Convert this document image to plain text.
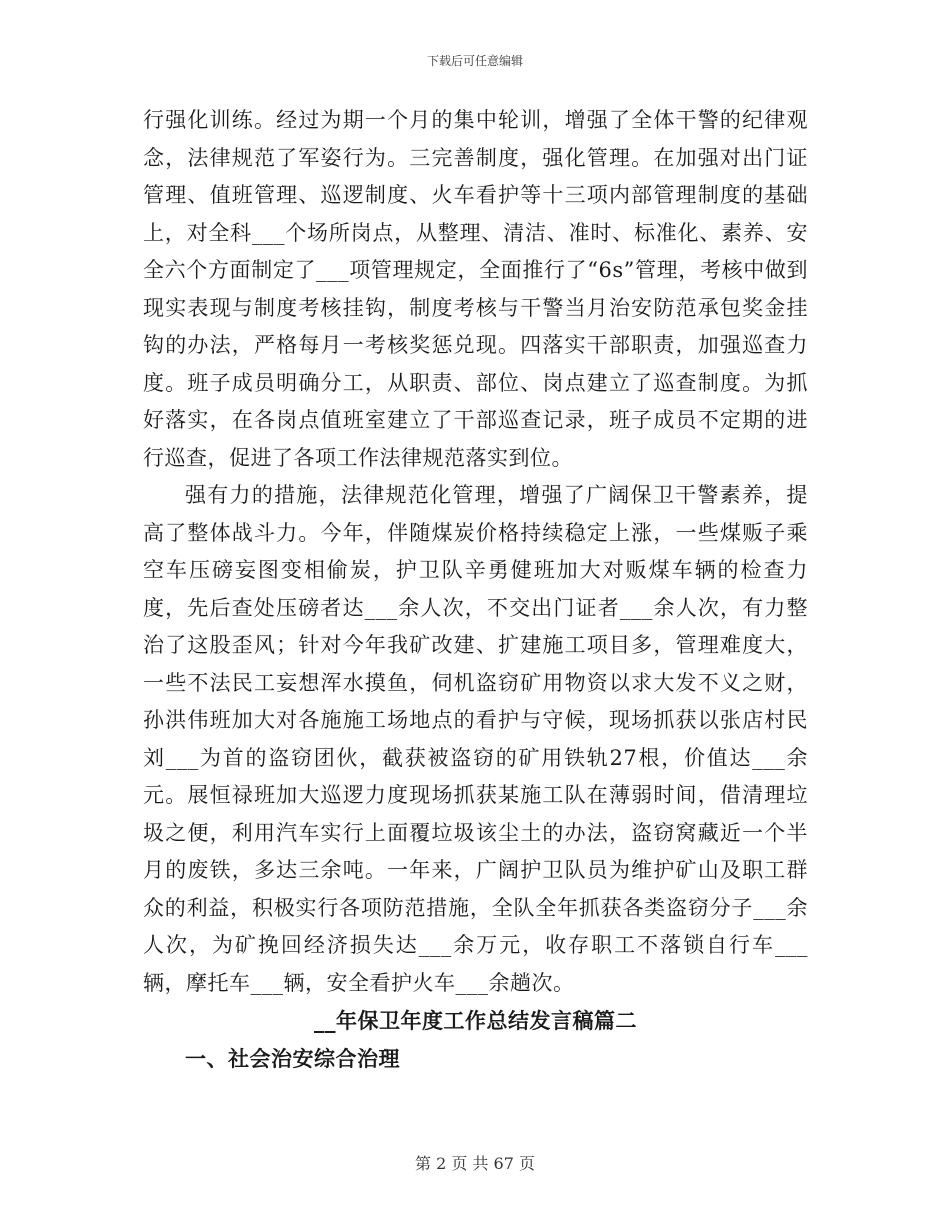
下载后可任意编辑

行强化训练。经过为期一个月的集中轮训，增强了全体干警的纪律观念，法律规范了军姿行为。三完善制度，强化管理。在加强对出门证管理、值班管理、巡逻制度、火车看护等十三项内部管理制度的基础上，对全科___个场所岗点，从整理、清洁、准时、标准化、素养、安全六个方面制定了___项管理规定，全面推行了“6s”管理，考核中做到现实表现与制度考核挂钩，制度考核与干警当月治安防范承包奖金挂钩的办法，严格每月一考核奖惩兑现。四落实干部职责，加强巡查力度。班子成员明确分工，从职责、部位、岗点建立了巡查制度。为抓好落实，在各岗点值班室建立了干部巡查记录，班子成员不定期的进行巡查，促进了各项工作法律规范落实到位。

强有力的措施，法律规范化管理，增强了广阔保卫干警素养，提高了整体战斗力。今年，伴随煤炭价格持续稳定上涨，一些煤贩子乘空车压磅妄图变相偷炭，护卫队辛勇健班加大对贩煤车辆的检查力度，先后查处压磅者达___余人次，不交出门证者___余人次，有力整治了这股歪风；针对今年我矿改建、扩建施工项目多，管理难度大，一些不法民工妄想浑水摸鱼，伺机盗窃矿用物资以求大发不义之财，孙洪伟班加大对各施施工场地点的看护与守候，现场抓获以张店村民刘___为首的盗窃团伙，截获被盗窃的矿用铁轨27根，价值达___余元。展恒禄班加大巡逻力度现场抓获某施工队在薄弱时间，借清理垃圾之便，利用汽车实行上面覆垃圾该尘土的办法，盗窃窝藏近一个半月的废铁，多达三余吨。一年来，广阔护卫队员为维护矿山及职工群众的利益，积极实行各项防范措施，全队全年抓获各类盗窃分子___余人次，为矿挽回经济损失达___余万元，收存职工不落锁自行车___辆，摩托车___辆，安全看护火车___余趟次。

__年保卫年度工作总结发言稿篇二

一、社会治安综合治理

第 2 页 共 67 页
